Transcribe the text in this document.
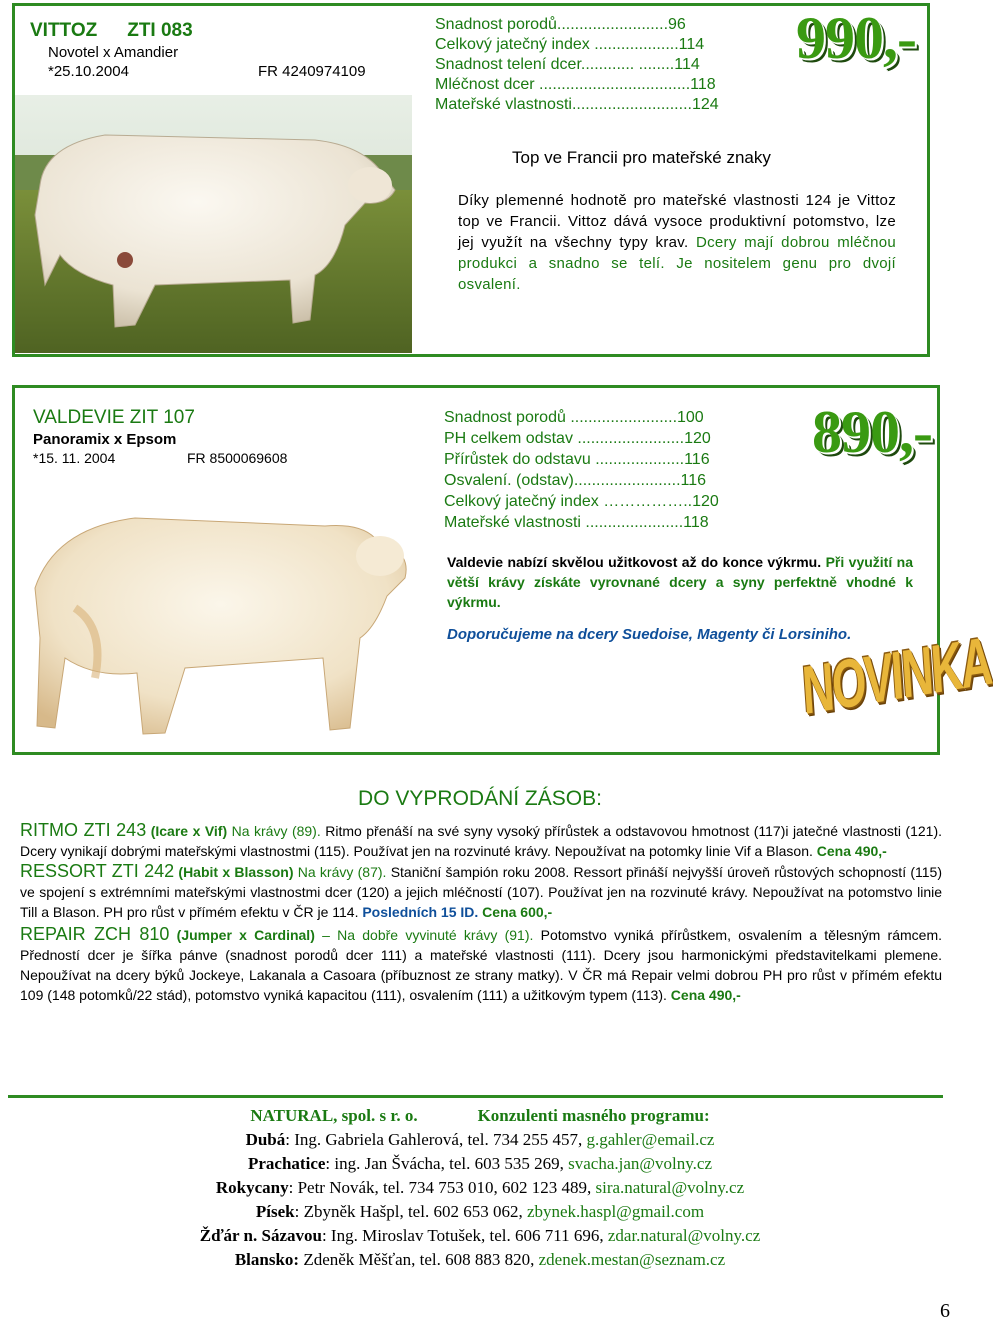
VITTOZ ZTI 083
Novotel x Amandier
*25.10.2004	FR 4240974109
Snadnost porodů.........................96
Celkový jatečný index ...................114
Snadnost telení dcer............ ........114
Mléčnost dcer ..................................118
Mateřské vlastnosti...........................124
990,-
Top ve Francii pro mateřské znaky
Díky plemenné hodnotě pro mateřské vlastnosti 124 je Vittoz top ve Francii. Vittoz dává vysoce produktivní potomstvo, lze jej využít na všechny typy krav. Dcery mají dobrou mléčnou produkci a snadno se telí. Je nositelem genu pro dvojí osvalení.
VALDEVIE ZIT 107
Panoramix x Epsom
*15. 11. 2004	FR 8500069608
Snadnost porodů ........................100
PH celkem odstav ........................120
Přírůstek do odstavu ....................116
Osvalení. (odstav)........................116
Celkový jatečný index ……………..120
Mateřské vlastnosti ......................118
890,-
Valdevie nabízí skvělou užitkovost až do konce výkrmu. Při využití na větší krávy získáte vyrovnané dcery a syny perfektně vhodné k výkrmu.
Doporučujeme na dcery Suedoise, Magenty či Lorsiniho.
NOVINKA
DO VYPRODÁNÍ ZÁSOB:
RITMO ZTI 243 (Icare x Vif) Na krávy (89). Ritmo přenáší na své syny vysoký přírůstek a odstavovou hmotnost (117)i jatečné vlastnosti (121). Dcery vynikají dobrými mateřskými vlastnostmi (115). Používat jen na rozvinuté krávy. Nepoužívat na potomky linie Vif a Blason. Cena 490,-
RESSORT ZTI 242 (Habit x Blasson) Na krávy (87). Staniční šampión roku 2008. Ressort přináší nejvyšší úroveň růstových schopností (115) ve spojení s extrémními mateřskými vlastnostmi dcer (120) a jejich mléčností (107). Používat jen na rozvinuté krávy. Nepoužívat na potomstvo linie Till a Blason. PH pro růst v přímém efektu v ČR je 114. Posledních 15 ID. Cena 600,-
REPAIR ZCH 810 (Jumper x Cardinal) – Na dobře vyvinuté krávy (91). Potomstvo vyniká přírůstkem, osvalením a tělesným rámcem. Předností dcer je šířka pánve (snadnost porodů dcer 111) a mateřské vlastnosti (111). Dcery jsou harmonickými představitelkami plemene. Nepoužívat na dcery býků Jockeye, Lakanala a Casoara (příbuznost ze strany matky). V ČR má Repair velmi dobrou PH pro růst v přímém efektu 109 (148 potomků/22 stád), potomstvo vyniká kapacitou (111), osvalením (111) a užitkovým typem (113). Cena 490,-
NATURAL, spol. s r. o.	Konzulenti masného programu:
Dubá: Ing. Gabriela Gahlerová, tel. 734 255 457, g.gahler@email.cz
Prachatice: ing. Jan Švácha, tel. 603 535 269, svacha.jan@volny.cz
Rokycany: Petr Novák, tel. 734 753 010, 602 123 489, sira.natural@volny.cz
Písek: Zbyněk Hašpl, tel. 602 653 062, zbynek.haspl@gmail.com
Žďár n. Sázavou: Ing. Miroslav Totušek, tel. 606 711 696, zdar.natural@volny.cz
Blansko: Zdeněk Měšťan, tel. 608 883 820, zdenek.mestan@seznam.cz
6
